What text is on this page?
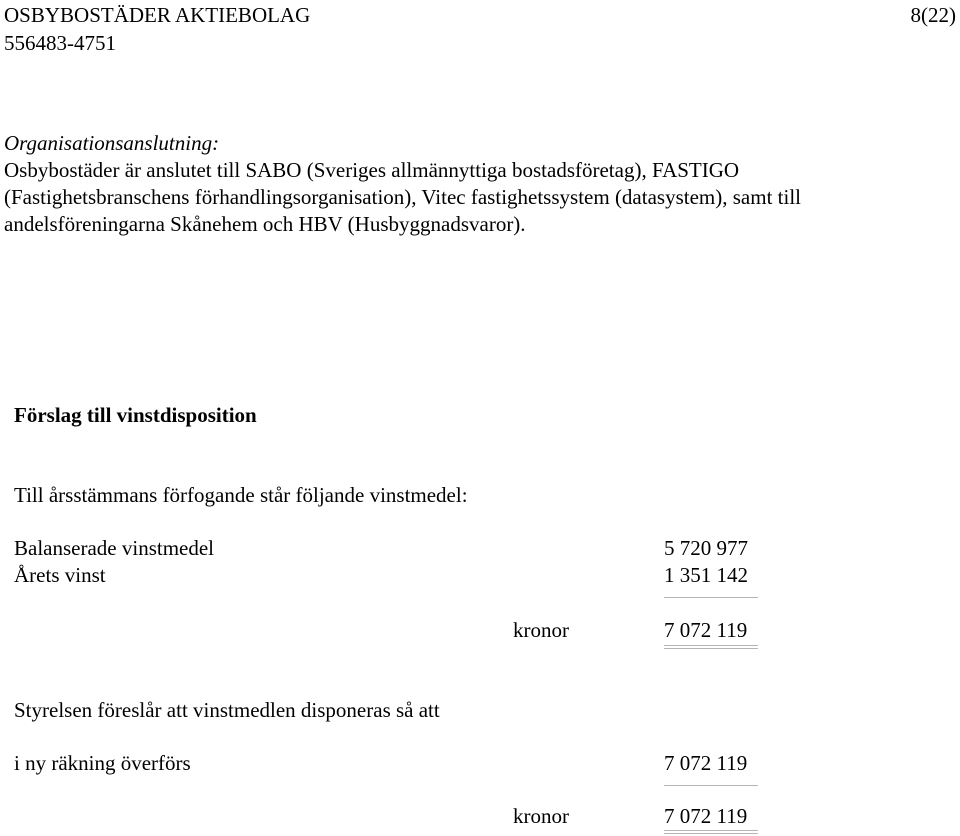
OSBYBOSTÄDER AKTIEBOLAG
556483-4751
8(22)
Organisationsanslutning:
Osbybostäder är anslutet till SABO (Sveriges allmännyttiga bostadsföretag), FASTIGO
(Fastighetsbranschens förhandlingsorganisation), Vitec fastighetssystem (datasystem), samt till
andelsföreningarna Skånehem och HBV (Husbyggnadsvaror).
Förslag till vinstdisposition
Till årsstämmans förfogande står följande vinstmedel:
Balanserade vinstmedel	5 720 977
Årets vinst	1 351 142
kronor	7 072 119
Styrelsen föreslår att vinstmedlen disponeras så att
i ny räkning överförs	7 072 119
kronor	7 072 119
